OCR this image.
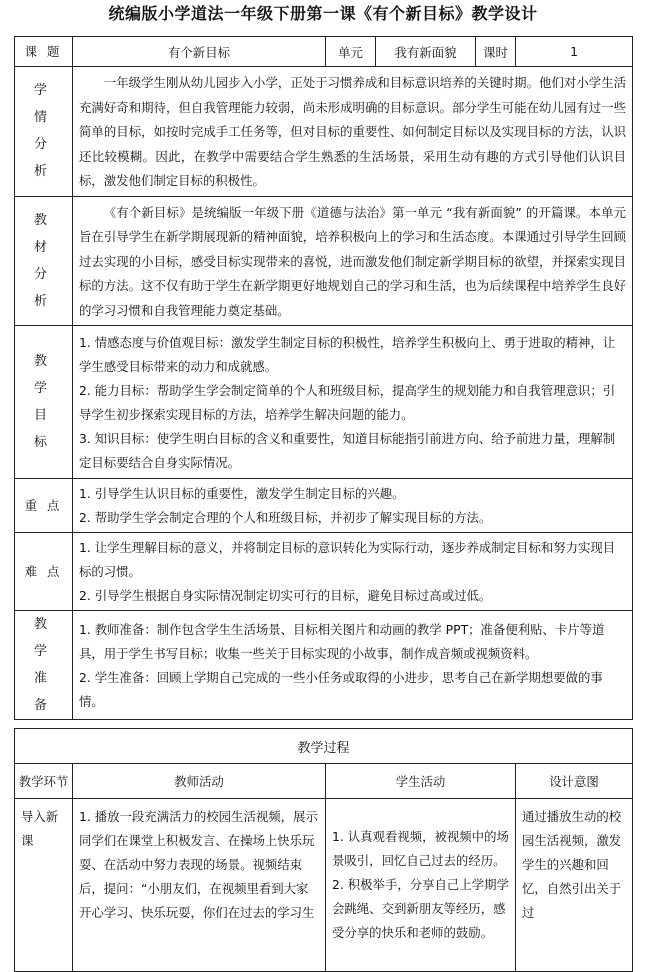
统编版小学道法一年级下册第一课《有个新目标》教学设计
课 题	有个新目标	单元	我有新面貌	课时	1

学 情 分 析	一年级学生刚从幼儿园步入小学，正处于习惯养成和目标意识培养的关键时期。他们对小学生活充满好奇和期待，但自我管理能力较弱，尚未形成明确的目标意识。部分学生可能在幼儿园有过一些简单的目标，如按时完成手工任务等，但对目标的重要性、如何制定目标以及实现目标的方法，认识还比较模糊。因此，在教学中需要结合学生熟悉的生活场景，采用生动有趣的方式引导他们认识目标，激发他们制定目标的积极性。				

教 材 分 析	《有个新目标》是统编版一年级下册《道德与法治》第一单元 “我有新面貌” 的开篇课。本单元旨在引导学生在新学期展现新的精神面貌，培养积极向上的学习和生活态度。本课通过引导学生回顾过去实现的小目标，感受目标实现带来的喜悦，进而激发他们制定新学期目标的欲望，并探索实现目标的方法。这不仅有助于学生在新学期更好地规划自己的学习和生活，也为后续课程中培养学生良好的学习习惯和自我管理能力奠定基础。				

教 学 目 标	1. 情感态度与价值观目标：激发学生制定目标的积极性，培养学生积极向上、勇于进取的精神，让学生感受目标带来的动力和成就感。
2. 能力目标：帮助学生学会制定简单的个人和班级目标，提高学生的规划能力和自我管理意识；引导学生初步探索实现目标的方法，培养学生解决问题的能力。
3. 知识目标：使学生明白目标的含义和重要性，知道目标能指引前进方向、给予前进力量，理解制定目标要结合自身实际情况。				

重 点	1. 引导学生认识目标的重要性，激发学生制定目标的兴趣。
2. 帮助学生学会制定合理的个人和班级目标，并初步了解实现目标的方法。				

难 点	1. 让学生理解目标的意义，并将制定目标的意识转化为实际行动，逐步养成制定目标和努力实现目标的习惯。
2. 引导学生根据自身实际情况制定切实可行的目标，避免目标过高或过低。				

教 学 准 备	1. 教师准备：制作包含学生生活场景、目标相关图片和动画的教学 PPT；准备便利贴、卡片等道具，用于学生书写目标；收集一些关于目标实现的小故事，制作成音频或视频资料。
2. 学生准备：回顾上学期自己完成的一些小任务或取得的小进步，思考自己在新学期想要做的事情。				

教学过程					
教学环节	教师活动	学生活动			设计意图
导入新课	1. 播放一段充满活力的校园生活视频，展示同学们在课堂上积极发言、在操场上快乐玩耍、在活动中努力表现的场景。视频结束后，提问：“小朋友们，在视频里看到大家开心学习、快乐玩耍，你们在过去的学习生	1. 认真观看视频，被视频中的场景吸引，回忆自己过去的经历。
2. 积极举手，分享自己上学期学会跳绳、交到新朋友等经历，感受分享的快乐和老师的鼓励。			通过播放生动的校园生活视频，激发学生的兴趣和回忆，自然引出关于过
